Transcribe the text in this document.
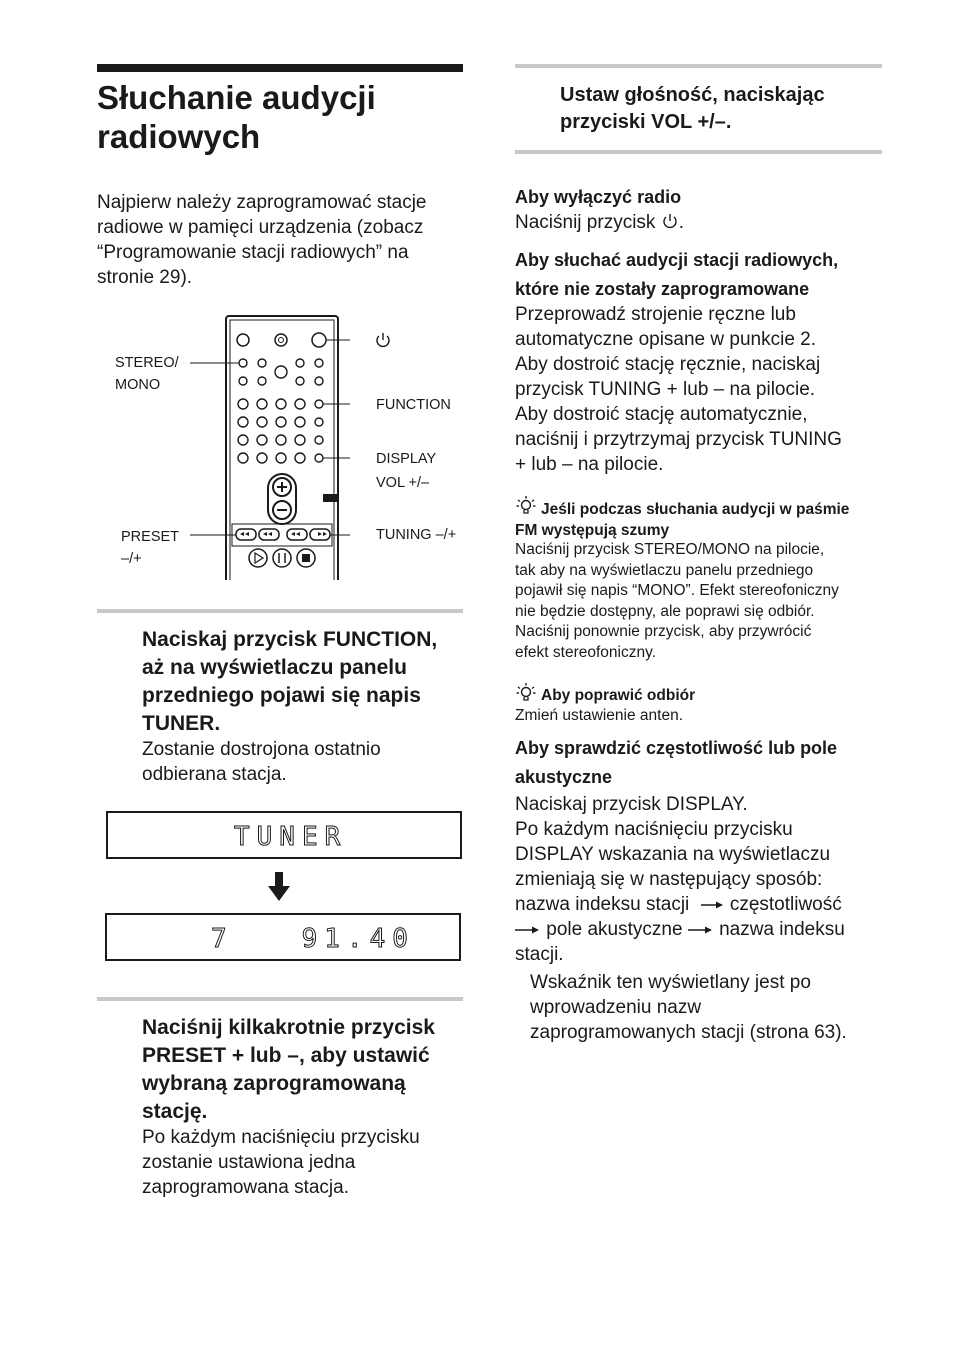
Słuchanie audycji
radiowych
Najpierw należy zaprogramować stacje
radiowe w pamięci urządzenia (zobacz
“Programowanie stacji radiowych” na
stronie 29).
STEREO/
MONO
FUNCTION
DISPLAY
VOL +/–
PRESET
–/+
TUNING –/+
Naciskaj przycisk FUNCTION,
aż na wyświetlaczu panelu
przedniego pojawi się napis
TUNER.
Zostanie dostrojona ostatnio
odbierana stacja.
TUNER
7   91.40
Naciśnij kilkakrotnie przycisk
PRESET + lub –, aby ustawić
wybraną zaprogramowaną
stację.
Po każdym naciśnięciu przycisku
zostanie ustawiona jedna
zaprogramowana stacja.
Ustaw głośność, naciskając
przyciski VOL +/–.
Aby wyłączyć radio
Naciśnij przycisk .
Aby słuchać audycji stacji radiowych,
które nie zostały zaprogramowane
Przeprowadź strojenie ręczne lub
automatyczne opisane w punkcie 2.
Aby dostroić stację ręcznie, naciskaj
przycisk TUNING + lub – na pilocie.
Aby dostroić stację automatycznie,
naciśnij i przytrzymaj przycisk TUNING
+ lub – na pilocie.
Jeśli podczas słuchania audycji w paśmie
FM występują szumy
Naciśnij przycisk STEREO/MONO na pilocie,
tak aby na wyświetlaczu panelu przedniego
pojawił się napis “MONO”. Efekt stereofoniczny
nie będzie dostępny, ale poprawi się odbiór.
Naciśnij ponownie przycisk, aby przywrócić
efekt stereofoniczny.
Aby poprawić odbiór
Zmień ustawienie anten.
Aby sprawdzić częstotliwość lub pole
akustyczne
Naciskaj przycisk DISPLAY.
Po każdym naciśnięciu przycisku
DISPLAY wskazania na wyświetlaczu
zmieniają się w następujący sposób:
nazwa indeksu stacji częstotliwość
pole akustyczne nazwa indeksu
stacji.
Wskaźnik ten wyświetlany jest po
wprowadzeniu nazw
zaprogramowanych stacji (strona 63).
